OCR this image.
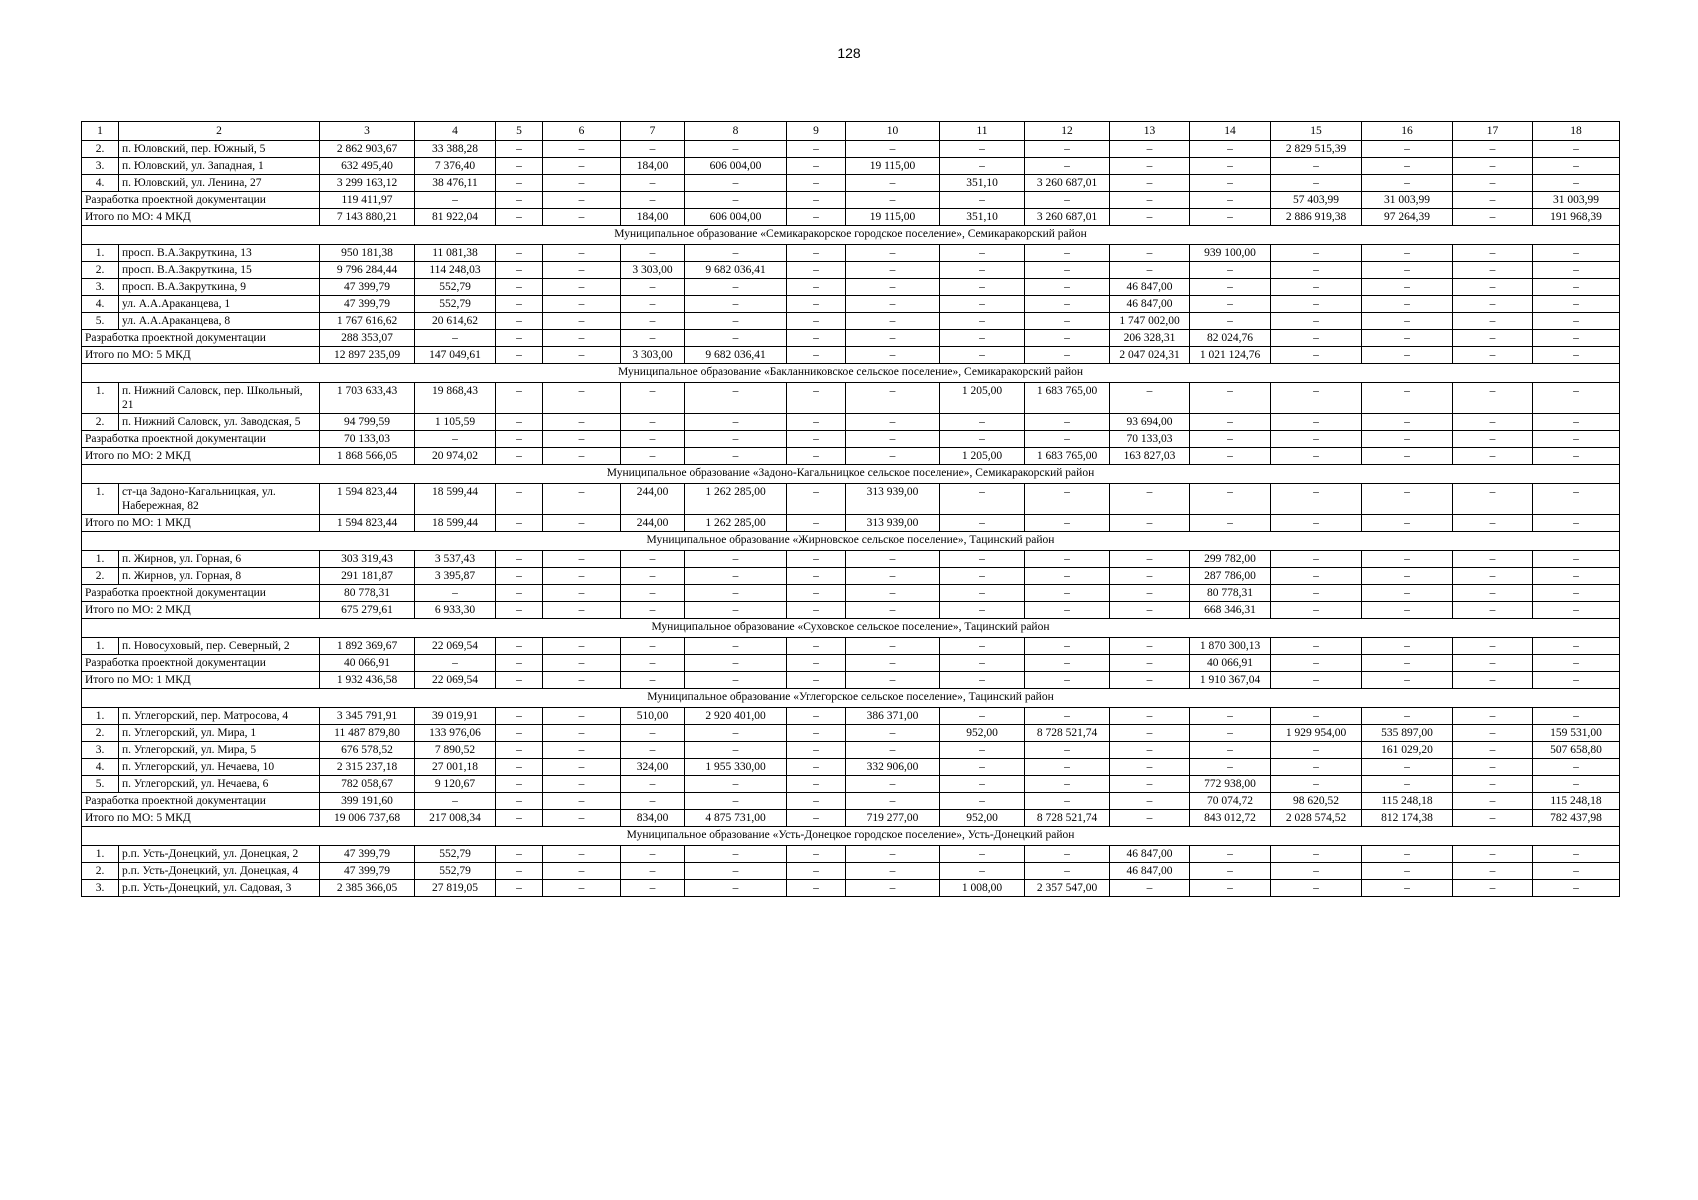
128
1	2	3	4	5	6	7	8	9	10	11	12	13	14	15	16	17	18
2.	п. Юловский, пер. Южный, 5	2 862 903,67	33 388,28	–	–	–	–	–	–	–	–	–	–	2 829 515,39	–	–	–
3.	п. Юловский, ул. Западная, 1	632 495,40	7 376,40	–	–	184,00	606 004,00	–	19 115,00	–	–	–	–	–	–	–	–
4.	п. Юловский, ул. Ленина, 27	3 299 163,12	38 476,11	–	–	–	–	–	–	351,10	3 260 687,01	–	–	–	–	–	–
Разработка проектной документации		119 411,97	–	–	–	–	–	–	–	–	–	–	–	57 403,99	31 003,99	–	31 003,99
Итого по МО: 4 МКД		7 143 880,21	81 922,04	–	–	184,00	606 004,00	–	19 115,00	351,10	3 260 687,01	–	–	2 886 919,38	97 264,39	–	191 968,39
Муниципальное образование «Семикаракорское городское поселение», Семикаракорский район																	
1.	просп. В.А.Закруткина, 13	950 181,38	11 081,38	–	–	–	–	–	–	–	–	–	939 100,00	–	–	–	–
2.	просп. В.А.Закруткина, 15	9 796 284,44	114 248,03	–	–	3 303,00	9 682 036,41	–	–	–	–	–	–	–	–	–	–
3.	просп. В.А.Закруткина, 9	47 399,79	552,79	–	–	–	–	–	–	–	–	46 847,00	–	–	–	–	–
4.	ул. А.А.Араканцева, 1	47 399,79	552,79	–	–	–	–	–	–	–	–	46 847,00	–	–	–	–	–
5.	ул. А.А.Араканцева, 8	1 767 616,62	20 614,62	–	–	–	–	–	–	–	–	1 747 002,00	–	–	–	–	–
Разработка проектной документации		288 353,07	–	–	–	–	–	–	–	–	–	206 328,31	82 024,76	–	–	–	–
Итого по МО: 5 МКД		12 897 235,09	147 049,61	–	–	3 303,00	9 682 036,41	–	–	–	–	2 047 024,31	1 021 124,76	–	–	–	–
Муниципальное образование «Бакланниковское сельское поселение», Семикаракорский район																	
1.	п. Нижний Саловск, пер. Школьный, 21	1 703 633,43	19 868,43	–	–	–	–	–	–	1 205,00	1 683 765,00	–	–	–	–	–	–
2.	п. Нижний Саловск, ул. Заводская, 5	94 799,59	1 105,59	–	–	–	–	–	–	–	–	93 694,00	–	–	–	–	–
Разработка проектной документации		70 133,03	–	–	–	–	–	–	–	–	–	70 133,03	–	–	–	–	–
Итого по МО: 2 МКД		1 868 566,05	20 974,02	–	–	–	–	–	–	1 205,00	1 683 765,00	163 827,03	–	–	–	–	–
Муниципальное образование «Задоно-Кагальницкое сельское поселение», Семикаракорский район																	
1.	ст-ца Задоно-Кагальницкая, ул. Набережная, 82	1 594 823,44	18 599,44	–	–	244,00	1 262 285,00	–	313 939,00	–	–	–	–	–	–	–	–
Итого по МО: 1 МКД		1 594 823,44	18 599,44	–	–	244,00	1 262 285,00	–	313 939,00	–	–	–	–	–	–	–	–
Муниципальное образование «Жирновское сельское поселение», Тацинский район																	
1.	п. Жирнов, ул. Горная, 6	303 319,43	3 537,43	–	–	–	–	–	–	–	–	–	299 782,00	–	–	–	–
2.	п. Жирнов, ул. Горная, 8	291 181,87	3 395,87	–	–	–	–	–	–	–	–	–	287 786,00	–	–	–	–
Разработка проектной документации		80 778,31	–	–	–	–	–	–	–	–	–	–	80 778,31	–	–	–	–
Итого по МО: 2 МКД		675 279,61	6 933,30	–	–	–	–	–	–	–	–	–	668 346,31	–	–	–	–
Муниципальное образование «Суховское сельское поселение», Тацинский район																	
1.	п. Новосуховый, пер. Северный, 2	1 892 369,67	22 069,54	–	–	–	–	–	–	–	–	–	1 870 300,13	–	–	–	–
Разработка проектной документации		40 066,91	–	–	–	–	–	–	–	–	–	–	40 066,91	–	–	–	–
Итого по МО: 1 МКД		1 932 436,58	22 069,54	–	–	–	–	–	–	–	–	–	1 910 367,04	–	–	–	–
Муниципальное образование «Углегорское сельское поселение», Тацинский район																	
1.	п. Углегорский, пер. Матросова, 4	3 345 791,91	39 019,91	–	–	510,00	2 920 401,00	–	386 371,00	–	–	–	–	–	–	–	–
2.	п. Углегорский, ул. Мира, 1	11 487 879,80	133 976,06	–	–	–	–	–	–	952,00	8 728 521,74	–	–	1 929 954,00	535 897,00	–	159 531,00
3.	п. Углегорский, ул. Мира, 5	676 578,52	7 890,52	–	–	–	–	–	–	–	–	–	–	–	161 029,20	–	507 658,80
4.	п. Углегорский, ул. Нечаева, 10	2 315 237,18	27 001,18	–	–	324,00	1 955 330,00	–	332 906,00	–	–	–	–	–	–	–	–
5.	п. Углегорский, ул. Нечаева, 6	782 058,67	9 120,67	–	–	–	–	–	–	–	–	–	772 938,00	–	–	–	–
Разработка проектной документации		399 191,60	–	–	–	–	–	–	–	–	–	–	70 074,72	98 620,52	115 248,18	–	115 248,18
Итого по МО: 5 МКД		19 006 737,68	217 008,34	–	–	834,00	4 875 731,00	–	719 277,00	952,00	8 728 521,74	–	843 012,72	2 028 574,52	812 174,38	–	782 437,98
Муниципальное образование «Усть-Донецкое городское поселение», Усть-Донецкий район																	
1.	р.п. Усть-Донецкий, ул. Донецкая, 2	47 399,79	552,79	–	–	–	–	–	–	–	–	46 847,00	–	–	–	–	–
2.	р.п. Усть-Донецкий, ул. Донецкая, 4	47 399,79	552,79	–	–	–	–	–	–	–	–	46 847,00	–	–	–	–	–
3.	р.п. Усть-Донецкий, ул. Садовая, 3	2 385 366,05	27 819,05	–	–	–	–	–	–	1 008,00	2 357 547,00	–	–	–	–	–	–
